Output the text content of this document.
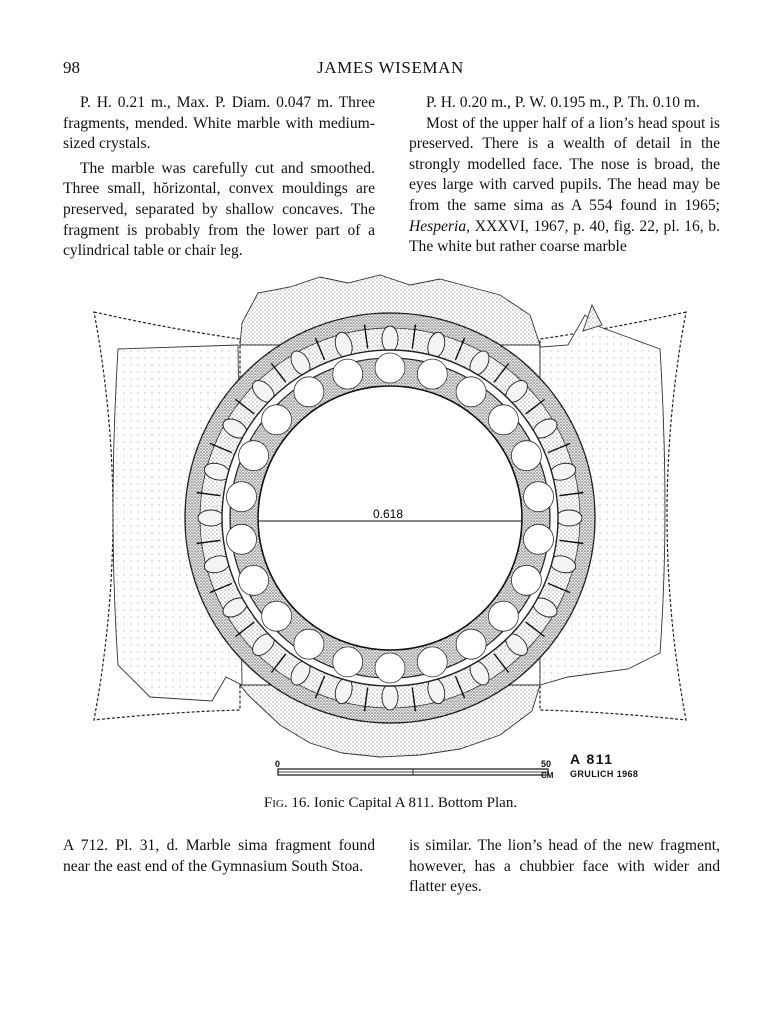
98	JAMES WISEMAN

P. H. 0.21 m., Max. P. Diam. 0.047 m. Three fragments, mended. White marble with medium-sized crystals.

The marble was carefully cut and smoothed. Three small, hŏrizontal, convex mouldings are preserved, separated by shallow concaves. The fragment is probably from the lower part of a cylindrical table or chair leg.

P. H. 0.20 m., P. W. 0.195 m., P. Th. 0.10 m.

Most of the upper half of a lion’s head spout is preserved. There is a wealth of detail in the strongly modelled face. The nose is broad, the eyes large with carved pupils. The head may be from the same sima as A 554 found in 1965; Hesperia, XXXVI, 1967, p. 40, fig. 22, pl. 16, b. The white but rather coarse marble

0.618
0	50
CM
A 811
GRULICH 1968
Fig. 16. Ionic Capital A 811. Bottom Plan.

A 712. Pl. 31, d. Marble sima fragment found near the east end of the Gymnasium South Stoa.

is similar. The lion’s head of the new fragment, however, has a chubbier face with wider and flatter eyes.
